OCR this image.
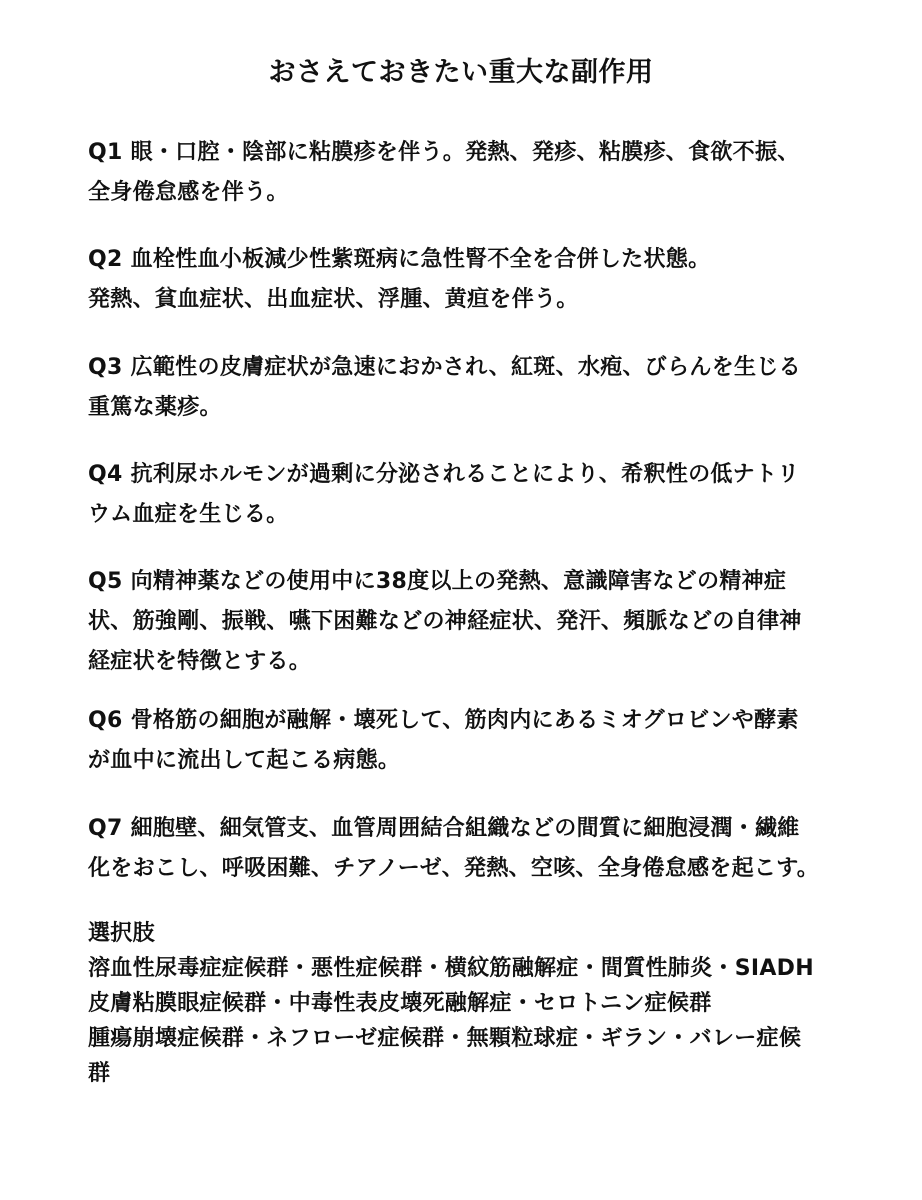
おさえておきたい重大な副作用
Q1 眼・口腔・陰部に粘膜疹を伴う。発熱、発疹、粘膜疹、食欲不振、
全身倦怠感を伴う。
Q2 血栓性血小板減少性紫斑病に急性腎不全を合併した状態。
発熱、貧血症状、出血症状、浮腫、黄疸を伴う。
Q3 広範性の皮膚症状が急速におかされ、紅斑、水疱、びらんを生じる
重篤な薬疹。
Q4 抗利尿ホルモンが過剰に分泌されることにより、希釈性の低ナトリ
ウム血症を生じる。
Q5 向精神薬などの使用中に38度以上の発熱、意識障害などの精神症
状、筋強剛、振戦、嚥下困難などの神経症状、発汗、頻脈などの自律神
経症状を特徴とする。
Q6 骨格筋の細胞が融解・壊死して、筋肉内にあるミオグロビンや酵素
が血中に流出して起こる病態。
Q7 細胞壁、細気管支、血管周囲結合組織などの間質に細胞浸潤・繊維
化をおこし、呼吸困難、チアノーゼ、発熱、空咳、全身倦怠感を起こす。
選択肢
溶血性尿毒症症候群・悪性症候群・横紋筋融解症・間質性肺炎・SIADH
皮膚粘膜眼症候群・中毒性表皮壊死融解症・セロトニン症候群
腫瘍崩壊症候群・ネフローゼ症候群・無顆粒球症・ギラン・バレー症候
群
